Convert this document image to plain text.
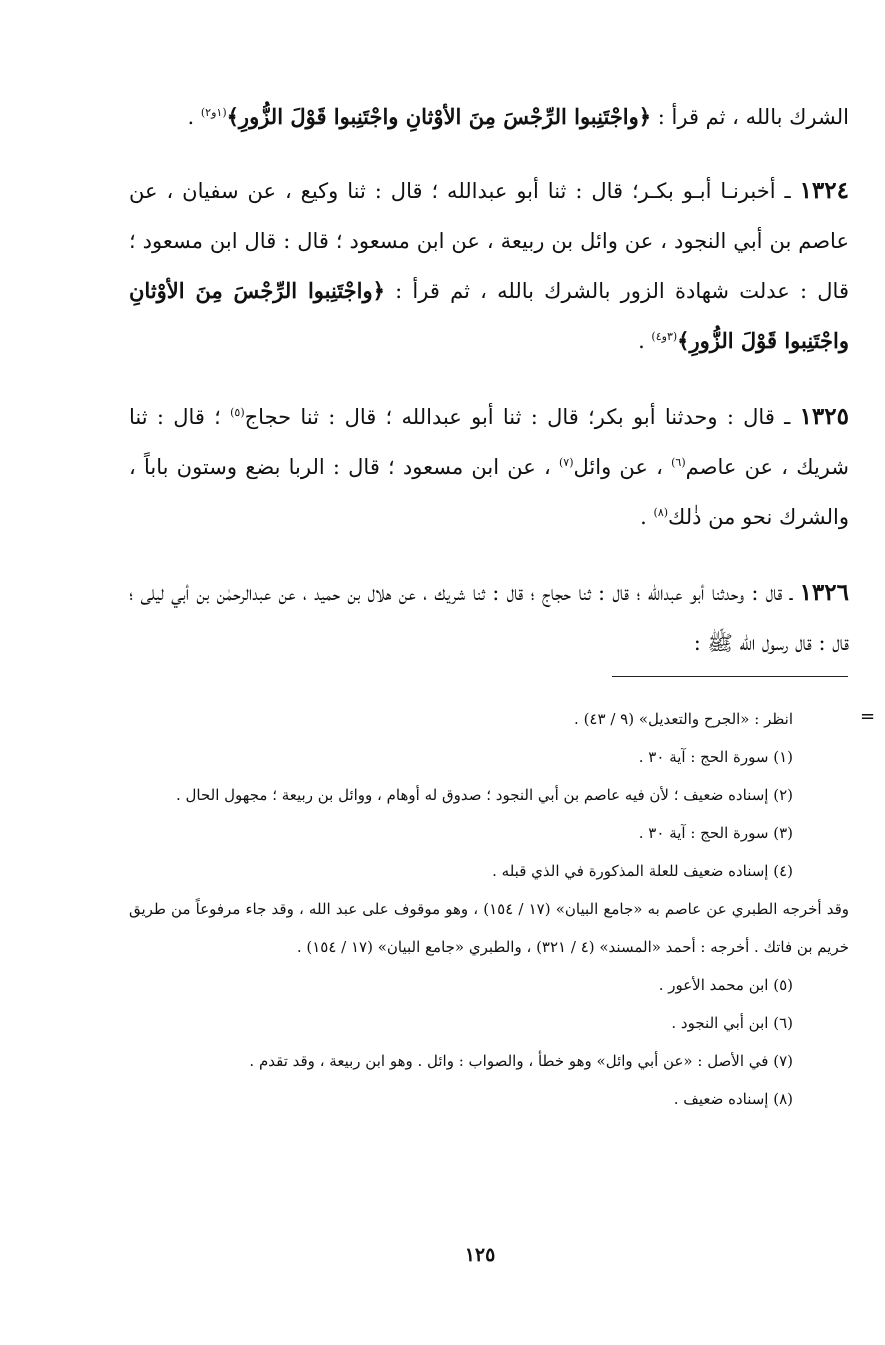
الشرك بالله ، ثم قرأ : ﴿واجْتَنِبوا الرِّجْسَ مِنَ الأوْثانِ واجْتَنِبوا قَوْلَ الزُّورِ﴾$^{(١و٢)}$ .

١٣٢٤ ـ أخبرنـا أبـو بكـر؛ قال : ثنا أبو عبدالله ؛ قال : ثنا وكيع ، عن سفيان ، عن عاصم بن أبي النجود ، عن وائل بن ربيعة ، عن ابن مسعود ؛ قال : قال ابن مسعود ؛ قال : عدلت شهادة الزور بالشرك بالله ، ثم قرأ : ﴿واجْتَنِبوا الرِّجْسَ مِنَ الأوْثانِ واجْتَنِبوا قَوْلَ الزُّورِ﴾$^{(٣و٤)}$ .

١٣٢٥ ـ قال : وحدثنا أبو بكر؛ قال : ثنا أبو عبدالله ؛ قال : ثنا حجاج$^{(٥)}$ ؛ قال : ثنا شريك ، عن عاصم$^{(٦)}$ ، عن وائل$^{(٧)}$ ، عن ابن مسعود ؛ قال : الربا بضع وستون باباً ، والشرك نحو من ذٰلك$^{(٨)}$ .

١٣٢٦ ـ قال : وحدثنا أبو عبدالله ؛ قال : ثنا حجاج ؛ قال : ثنا شريك ، عن هلال بن حميد ، عن عبدالرحمٰن بن أبي ليلى ؛ قال : قال رسول الله ﷺ :

=

انظر : «الجرح والتعديل» (٩ / ٤٣) .

(١) سورة الحج : آية ٣٠ .

(٢) إسناده ضعيف ؛ لأن فيه عاصم بن أبي النجود ؛ صدوق له أوهام ، ووائل بن ربيعة ؛ مجهول الحال .

(٣) سورة الحج : آية ٣٠ .

(٤) إسناده ضعيف للعلة المذكورة في الذي قبله .

وقد أخرجه الطبري عن عاصم به «جامع البيان» (١٧ / ١٥٤) ، وهو موقوف على عبد الله ، وقد جاء مرفوعاً من طريق خريم بن فاتك . أخرجه : أحمد «المسند» (٤ / ٣٢١) ، والطبري «جامع البيان» (١٧ / ١٥٤) .

(٥) ابن محمد الأعور .

(٦) ابن أبي النجود .

(٧) في الأصل : «عن أبي وائل» وهو خطأ ، والصواب : وائل . وهو ابن ربيعة ، وقد تقدم .

(٨) إسناده ضعيف .

١٢٥
